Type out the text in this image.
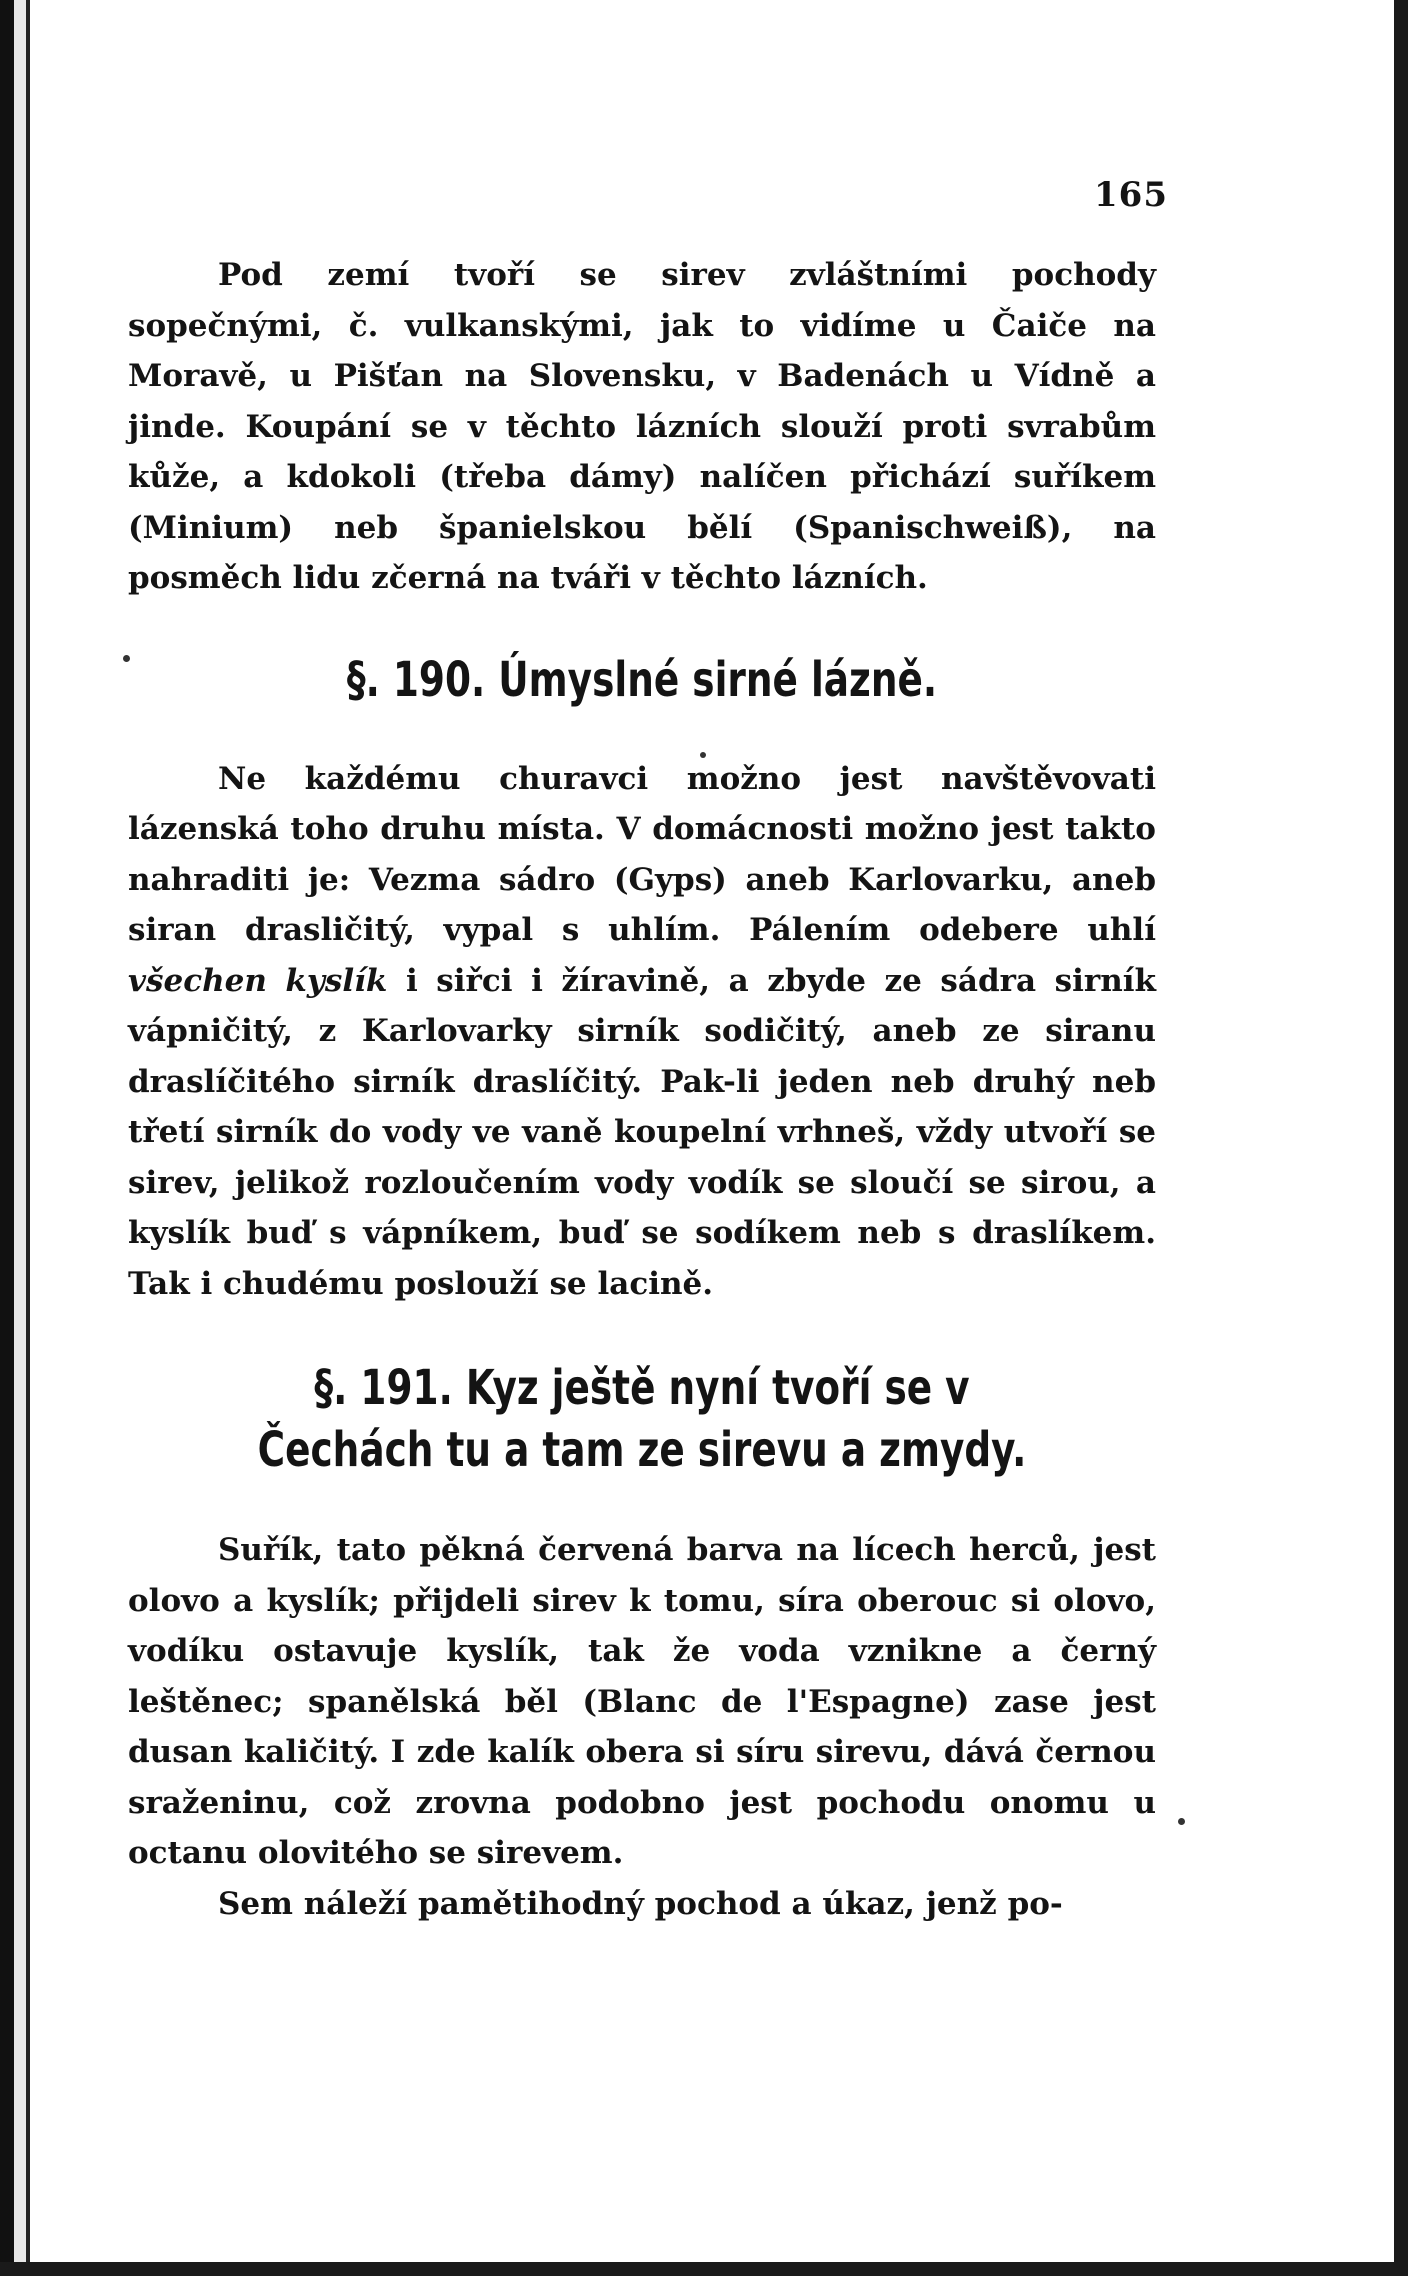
165

Pod zemí tvoří se sirev zvláštními pochody sopečnými, č. vulkanskými, jak to vidíme u Čaiče na Moravě, u Pišťan na Slovensku, v Badenách u Vídně a jinde. Koupání se v těchto lázních slouží proti svrabům kůže, a kdokoli (třeba dámy) nalíčen přichází suříkem (Minium) neb španielskou bělí (Spanischweiß), na posměch lidu zčerná na tváři v těchto lázních.

§. 190. Úmyslné sirné lázně.

Ne každému churavci možno jest navštěvovati lázenská toho druhu místa. V domácnosti možno jest takto nahraditi je: Vezma sádro (Gyps) aneb Karlovarku, aneb siran drasličitý, vypal s uhlím. Pálením odebere uhlí všechen kyslík i siřci i žíravině, a zbyde ze sádra sirník vápničitý, z Karlovarky sirník sodičitý, aneb ze siranu draslíčitého sirník draslíčitý. Pak-li jeden neb druhý neb třetí sirník do vody ve vaně koupelní vrhneš, vždy utvoří se sirev, jelikož rozloučením vody vodík se sloučí se sirou, a kyslík buď s vápníkem, buď se sodíkem neb s draslíkem. Tak i chudému poslouží se lacině.

§. 191. Kyz ještě nyní tvoří se v Čechách tu a tam ze sirevu a zmydy.

Suřík, tato pěkná červená barva na lícech herců, jest olovo a kyslík; přijdeli sirev k tomu, síra oberouc si olovo, vodíku ostavuje kyslík, tak že voda vznikne a černý leštěnec; spanělská běl (Blanc de l'Espagne) zase jest dusan kaličitý. I zde kalík obera si síru sirevu, dává černou sraženinu, což zrovna podobno jest pochodu onomu u octanu olovitého se sirevem.

Sem náleží pamětihodný pochod a úkaz, jenž po-
